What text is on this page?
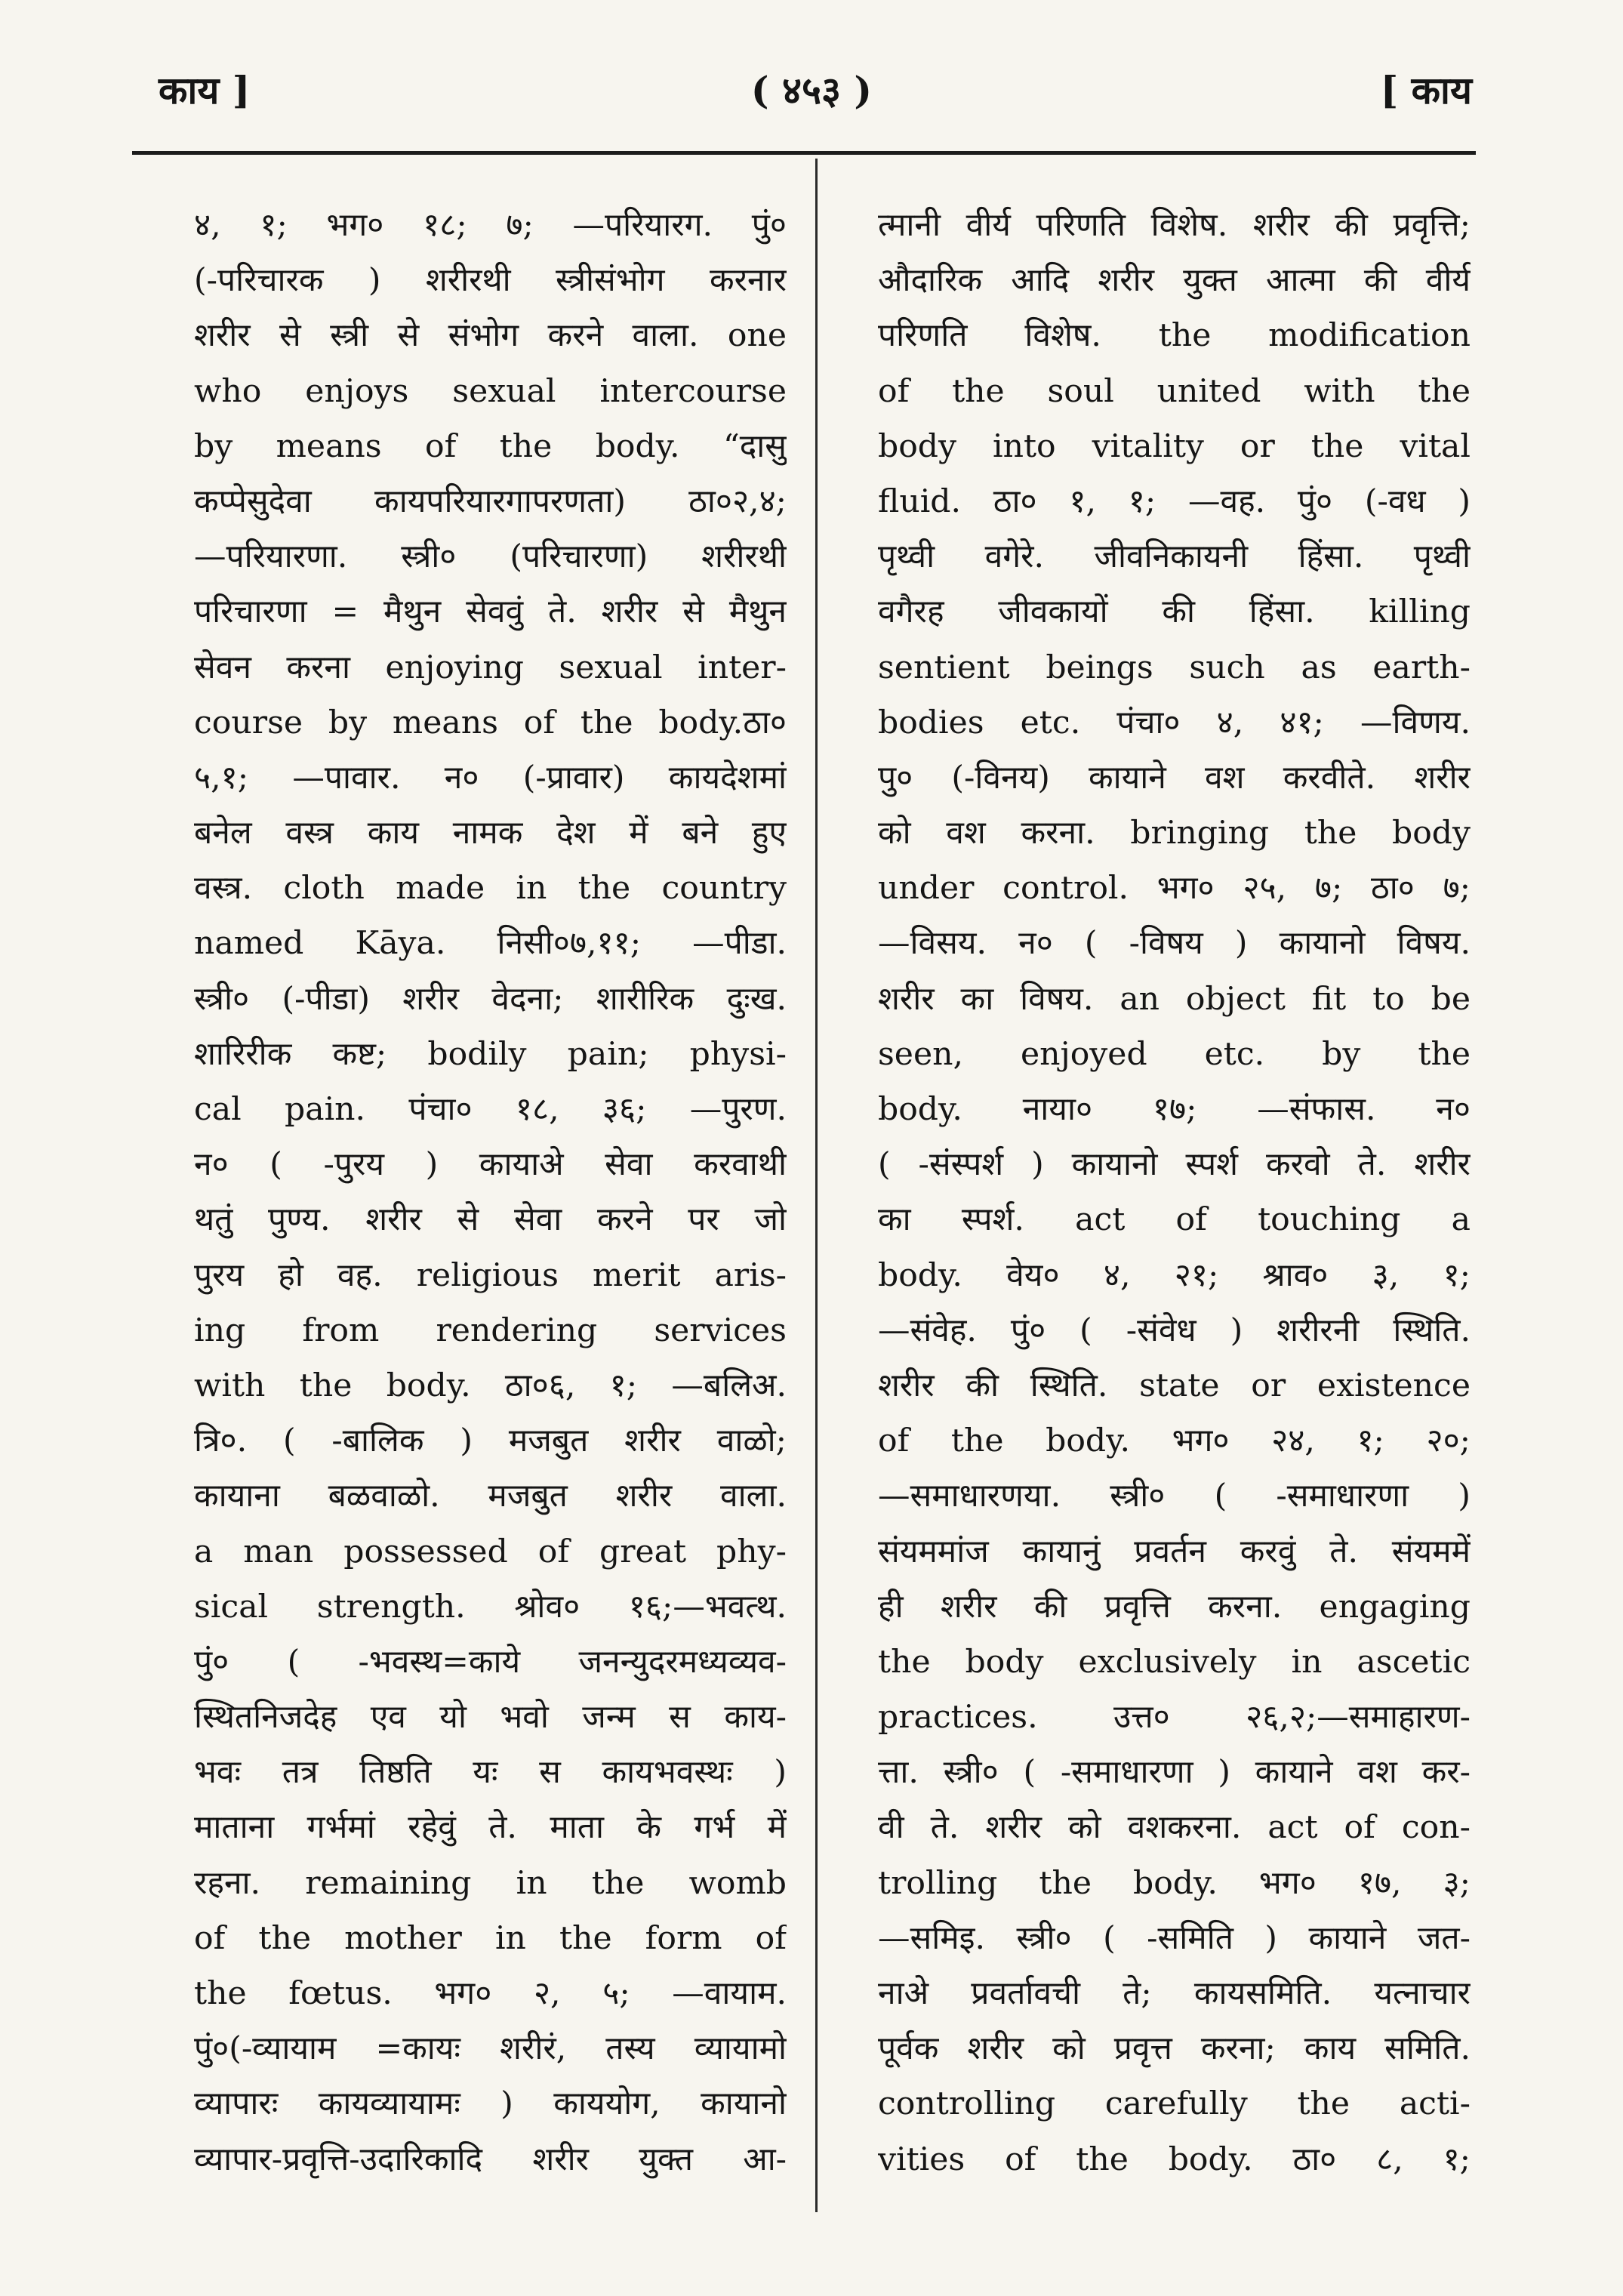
काय ]	( ४५३ )	[ काय
४, १; भग० १८; ७; —परियारग. पुं०
(-परिचारक ) शरीरथी स्त्रीसंभोग करनार
शरीर से स्त्री से संभोग करने वाला. one
who enjoys sexual intercourse
by means of the body. “दासु
कप्पेसुदेवा कायपरियारगापरणता) ठा०२,४;
—परियारणा. स्त्री० (परिचारणा) शरीरथी
परिचारणा = मैथुन सेववुं ते. शरीर से मैथुन
सेवन करना enjoying sexual inter-
course by means of the body.ठा०
५,१; —पावार. न० (-प्रावार) कायदेशमां
बनेल वस्त्र काय नामक देश में बने हुए
वस्त्र. cloth made in the country
named Kāya. निसी०७,११; —पीडा.
स्त्री० (-पीडा) शरीर वेदना; शारीरिक दुःख.
शारिरीक कष्ट; bodily pain; physi-
cal pain. पंचा० १८, ३६; —पुरण.
न० ( -पुरय ) कायाअे सेवा करवाथी
थतुं पुण्य. शरीर से सेवा करने पर जो
पुरय हो वह. religious merit aris-
ing from rendering services
with the body. ठा०६, १; —बलिअ.
त्रि०. ( -बालिक ) मजबुत शरीर वाळो;
कायाना बळवाळो. मजबुत शरीर वाला.
a man possessed of great phy-
sical strength. श्रोव० १६;—भवत्थ.
पुं० ( -भवस्थ=काये जनन्युदरमध्यव्यव-
स्थितनिजदेह एव यो भवो जन्म स काय-
भवः तत्र तिष्ठति यः स कायभवस्थः )
माताना गर्भमां रहेवुं ते. माता के गर्भ में
रहना. remaining in the womb
of the mother in the form of
the fœtus. भग० २, ५; —वायाम.
पुं०(-व्यायाम =कायः शरीरं, तस्य व्यायामो
व्यापारः कायव्यायामः ) काययोग, कायानो
व्यापार-प्रवृत्ति-उदारिकादि शरीर युक्त आ-
त्मानी वीर्य परिणति विशेष. शरीर की प्रवृत्ति;
औदारिक आदि शरीर युक्त आत्मा की वीर्य
परिणति विशेष. the modification
of the soul united with the
body into vitality or the vital
fluid. ठा० १, १; —वह. पुं० (-वध )
पृथ्वी वगेरे. जीवनिकायनी हिंसा. पृथ्वी
वगैरह जीवकायों की हिंसा. killing
sentient beings such as earth-
bodies etc. पंचा० ४, ४१; —विणय.
पु० (-विनय) कायाने वश करवीते. शरीर
को वश करना. bringing the body
under control. भग० २५, ७; ठा० ७;
—विसय. न० ( -विषय ) कायानो विषय.
शरीर का विषय. an object fit to be
seen, enjoyed etc. by the
body. नाया० १७; —संफास. न०
( -संस्पर्श ) कायानो स्पर्श करवो ते. शरीर
का स्पर्श. act of touching a
body. वेय० ४, २१; श्राव० ३, १;
—संवेह. पुं० ( -संवेध ) शरीरनी स्थिति.
शरीर की स्थिति. state or existence
of the body. भग० २४, १; २०;
—समाधारणया. स्त्री० ( -समाधारणा )
संयममांज कायानुं प्रवर्तन करवुं ते. संयममें
ही शरीर की प्रवृत्ति करना. engaging
the body exclusively in ascetic
practices. उत्त० २६,२;—समाहारण-
त्ता. स्त्री० ( -समाधारणा ) कायाने वश कर-
वी ते. शरीर को वशकरना. act of con-
trolling the body. भग० १७, ३;
—समिइ. स्त्री० ( -समिति ) कायाने जत-
नाअे प्रवर्तावची ते; कायसमिति. यत्नाचार
पूर्वक शरीर को प्रवृत्त करना; काय समिति.
controlling carefully the acti-
vities of the body. ठा० ८, १;
